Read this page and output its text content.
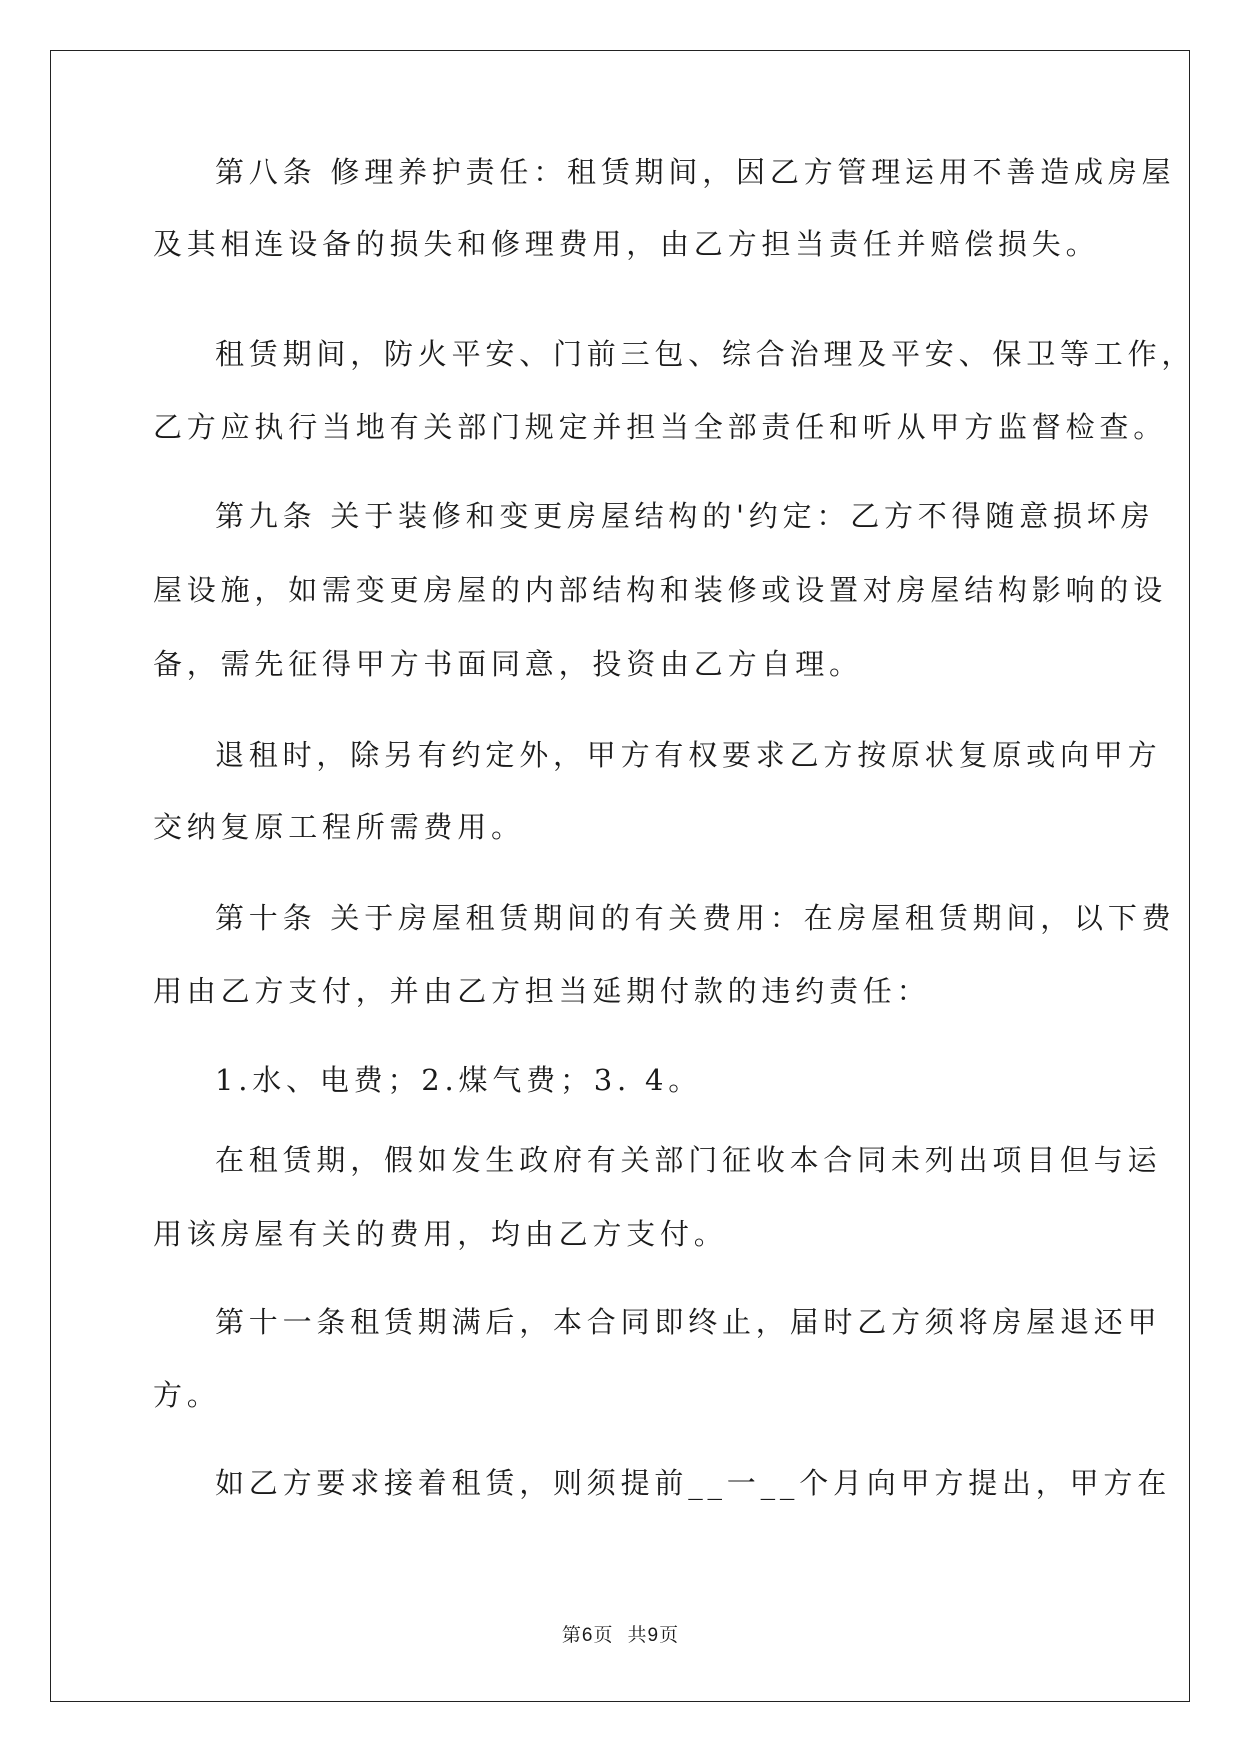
第八条 修理养护责任：租赁期间，因乙方管理运用不善造成房屋
及其相连设备的损失和修理费用，由乙方担当责任并赔偿损失。
租赁期间，防火平安、门前三包、综合治理及平安、保卫等工作，
乙方应执行当地有关部门规定并担当全部责任和听从甲方监督检查。
第九条 关于装修和变更房屋结构的'约定：乙方不得随意损坏房
屋设施，如需变更房屋的内部结构和装修或设置对房屋结构影响的设
备，需先征得甲方书面同意，投资由乙方自理。
退租时，除另有约定外，甲方有权要求乙方按原状复原或向甲方
交纳复原工程所需费用。
第十条 关于房屋租赁期间的有关费用：在房屋租赁期间，以下费
用由乙方支付，并由乙方担当延期付款的违约责任：
1.水、电费；2.煤气费；3. 4。
在租赁期，假如发生政府有关部门征收本合同未列出项目但与运
用该房屋有关的费用，均由乙方支付。
第十一条租赁期满后，本合同即终止，届时乙方须将房屋退还甲
方。
如乙方要求接着租赁，则须提前__一__个月向甲方提出，甲方在
第6页  共9页
